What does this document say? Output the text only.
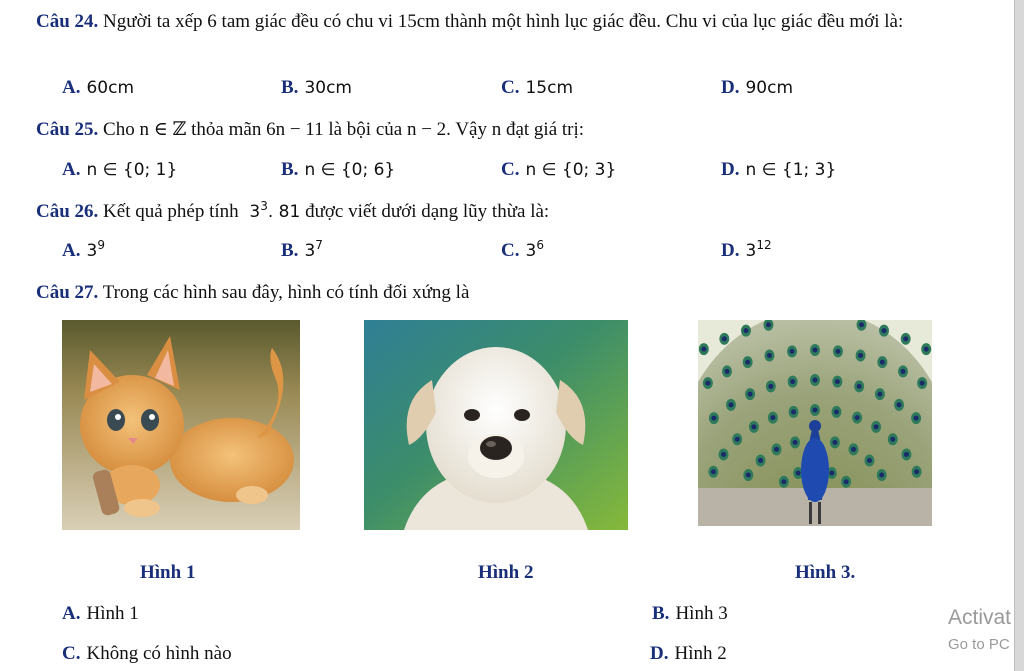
Câu 24. Người ta xếp 6 tam giác đều có chu vi 15cm thành một hình lục giác đều. Chu vi của lục giác đều mới là:
A. 60cm	B. 30cm	C. 15cm	D. 90cm
Câu 25. Cho n ∈ ℤ thỏa mãn 6n − 11 là bội của n − 2. Vậy n đạt giá trị:
A. n ∈ {0; 1}	B. n ∈ {0; 6}	C. n ∈ {0; 3}	D. n ∈ {1; 3}
Câu 26. Kết quả phép tính $3^3$. 81 được viết dưới dạng lũy thừa là:
A. $3^9$	B. $3^7$	C. $3^6$	D. $3^{12}$
Câu 27. Trong các hình sau đây, hình có tính đối xứng là
Hình 1	Hình 2	Hình 3.
A. Hình 1	B. Hình 3
C. Không có hình nào	D. Hình 2
Activat
Go to PC
